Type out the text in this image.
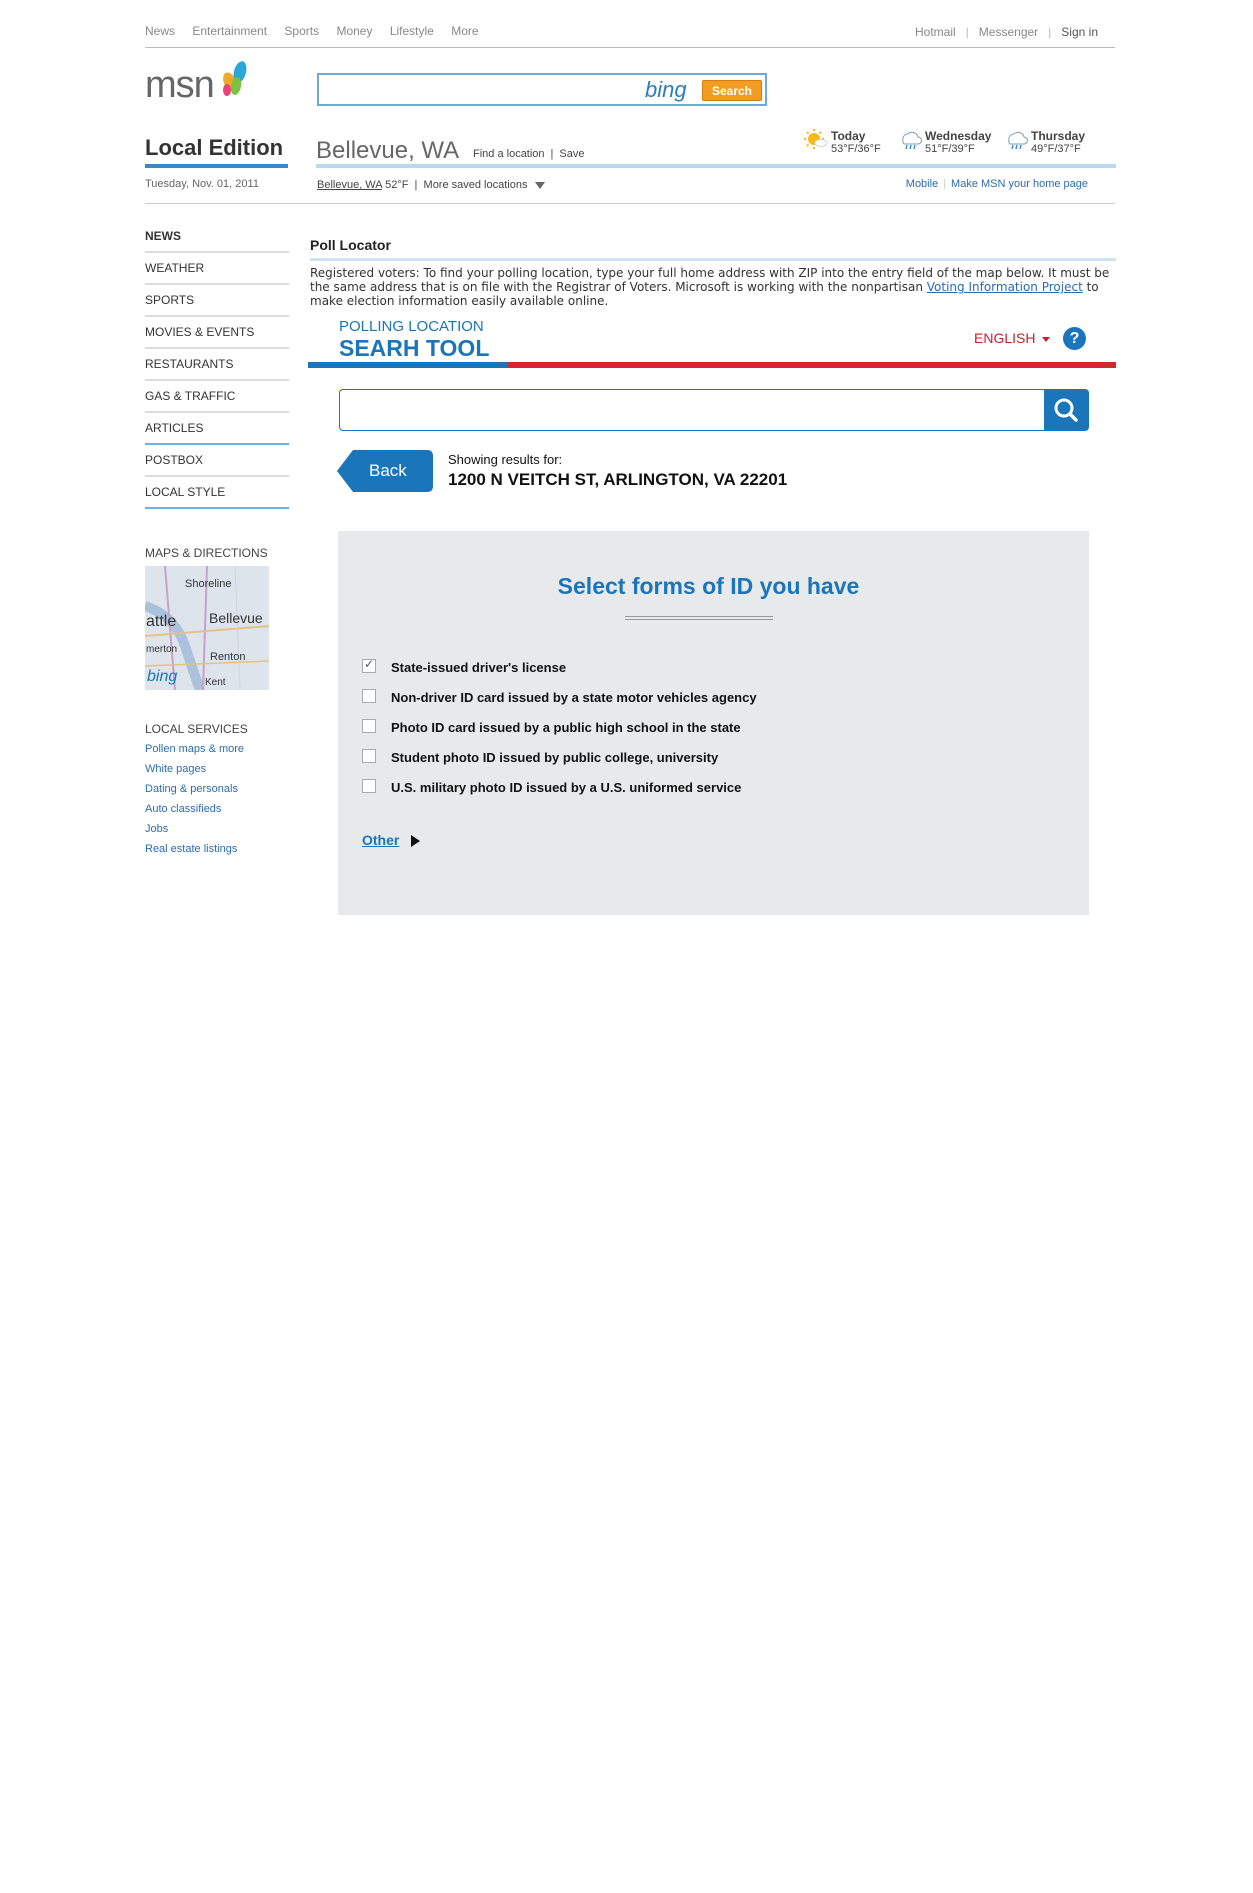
News Entertainment Sports Money Lifestyle More	Hotmail | Messenger | Sign in
msn	bing	Search
Local Edition Bellevue, WA Find a location | Save
Today
53°F/36°F
Wednesday
51°F/39°F
Thursday
49°F/37°F
Tuesday, Nov. 01, 2011	Bellevue, WA 52°F  |  More saved locations	Mobile | Make MSN your home page
NEWS
WEATHER
SPORTS
MOVIES & EVENTS
RESTAURANTS
GAS & TRAFFIC
ARTICLES
POSTBOX
LOCAL STYLE
MAPS & DIRECTIONS
Shoreline
attle Bellevue
merton
Renton
Kent
bing
LOCAL SERVICES
Pollen maps & more
White pages
Dating & personals
Auto classifieds
Jobs
Real estate listings
Poll Locator
Registered voters: To find your polling location, type your full home address with ZIP into the entry field of the map below. It must be the same address that is on file with the Registrar of Voters. Microsoft is working with the nonpartisan Voting Information Project to make election information easily available online.
POLLING LOCATION
SEARH TOOL	ENGLISH	?
Back
Showing results for:
1200 N VEITCH ST, ARLINGTON, VA 22201
Select forms of ID you have
✓
State-issued driver's license
Non-driver ID card issued by a state motor vehicles agency
Photo ID card issued by a public high school in the state
Student photo ID issued by public college, university
U.S. military photo ID issued by a U.S. uniformed service
Other
